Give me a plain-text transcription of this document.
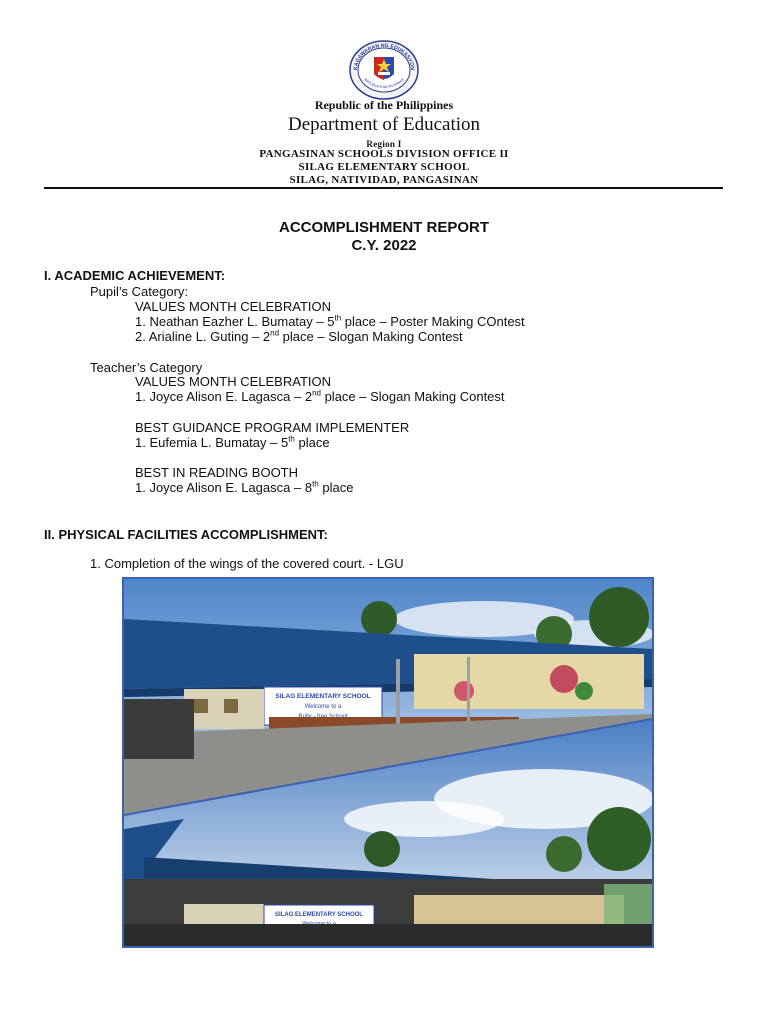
KAGAWARAN NG EDUKASYON
REPUBLIKA NG PILIPINAS
Republic of the Philippines
Department of Education
Region I
PANGASINAN SCHOOLS DIVISION OFFICE II
SILAG ELEMENTARY SCHOOL
SILAG, NATIVIDAD, PANGASINAN
ACCOMPLISHMENT REPORT
C.Y. 2022
I. ACADEMIC ACHIEVEMENT:
Pupil’s Category:
VALUES MONTH CELEBRATION
1. Neathan Eazher L. Bumatay – 5th place – Poster Making COntest
2. Arialine L. Guting – 2nd place – Slogan Making Contest
Teacher’s Category
VALUES MONTH CELEBRATION
1. Joyce Alison E. Lagasca – 2nd place – Slogan Making Contest
BEST GUIDANCE PROGRAM IMPLEMENTER
1. Eufemia L. Bumatay – 5th place
BEST IN READING BOOTH
1. Joyce Alison E. Lagasca – 8th place
II. PHYSICAL FACILITIES ACCOMPLISHMENT:
1. Completion of the wings of the covered court. - LGU
SILAG ELEMENTARY SCHOOL
Welcome to a
SILAG ELEMENTARY SCHOOL
